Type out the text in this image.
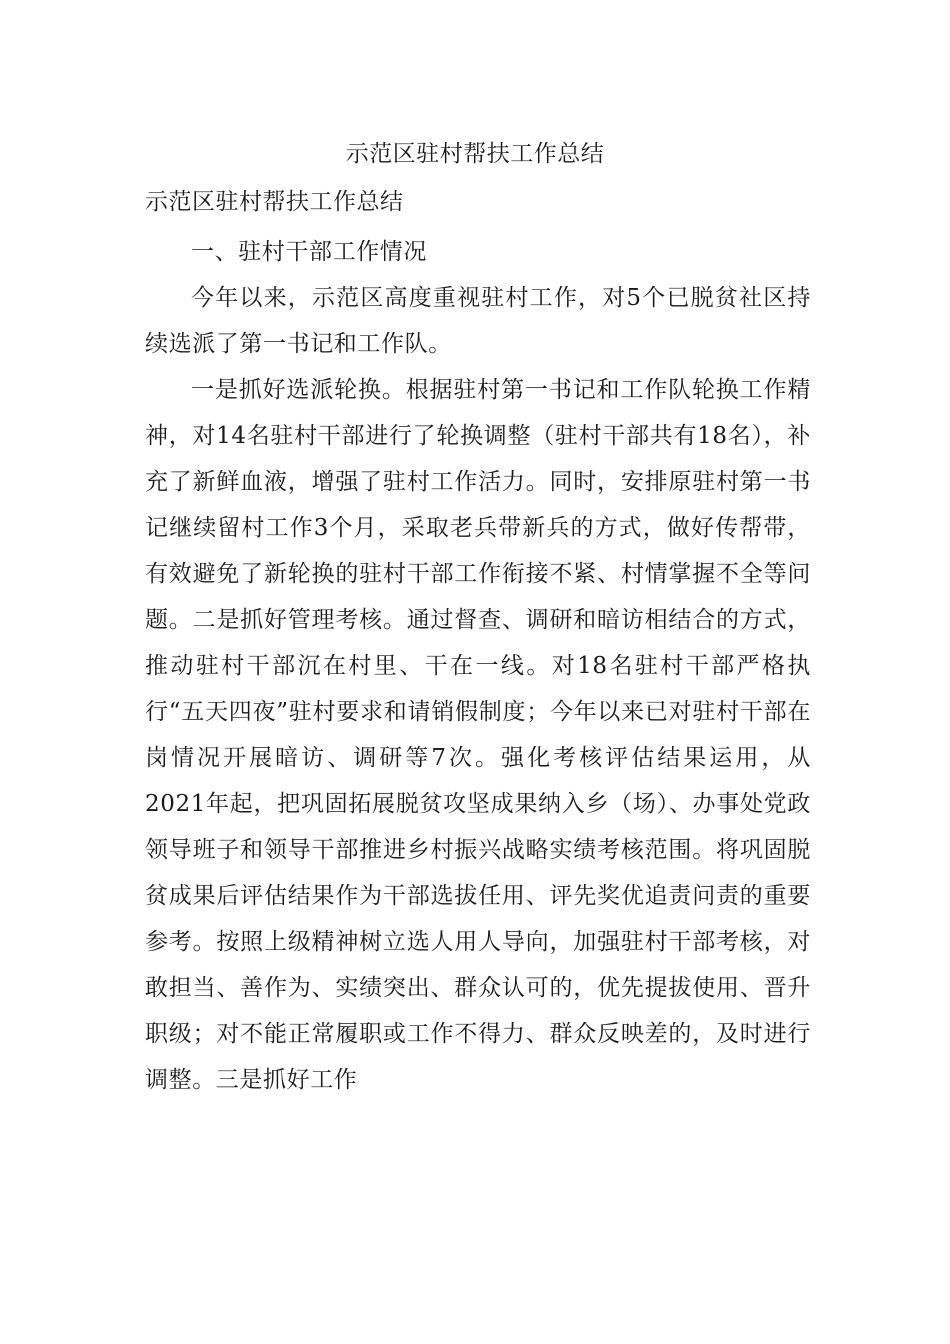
示范区驻村帮扶工作总结
示范区驻村帮扶工作总结

一、驻村干部工作情况

今年以来，示范区高度重视驻村工作，对5个已脱贫社区持续选派了第一书记和工作队。

一是抓好选派轮换。根据驻村第一书记和工作队轮换工作精神，对14名驻村干部进行了轮换调整（驻村干部共有18名），补充了新鲜血液，增强了驻村工作活力。同时，安排原驻村第一书记继续留村工作3个月，采取老兵带新兵的方式，做好传帮带，有效避免了新轮换的驻村干部工作衔接不紧、村情掌握不全等问题。二是抓好管理考核。通过督查、调研和暗访相结合的方式，推动驻村干部沉在村里、干在一线。对18名驻村干部严格执行“五天四夜”驻村要求和请销假制度；今年以来已对驻村干部在岗情况开展暗访、调研等7次。强化考核评估结果运用，从2021年起，把巩固拓展脱贫攻坚成果纳入乡（场）、办事处党政领导班子和领导干部推进乡村振兴战略实绩考核范围。将巩固脱贫成果后评估结果作为干部选拔任用、评先奖优追责问责的重要参考。按照上级精神树立选人用人导向，加强驻村干部考核，对敢担当、善作为、实绩突出、群众认可的，优先提拔使用、晋升职级；对不能正常履职或工作不得力、群众反映差的，及时进行调整。三是抓好工作
